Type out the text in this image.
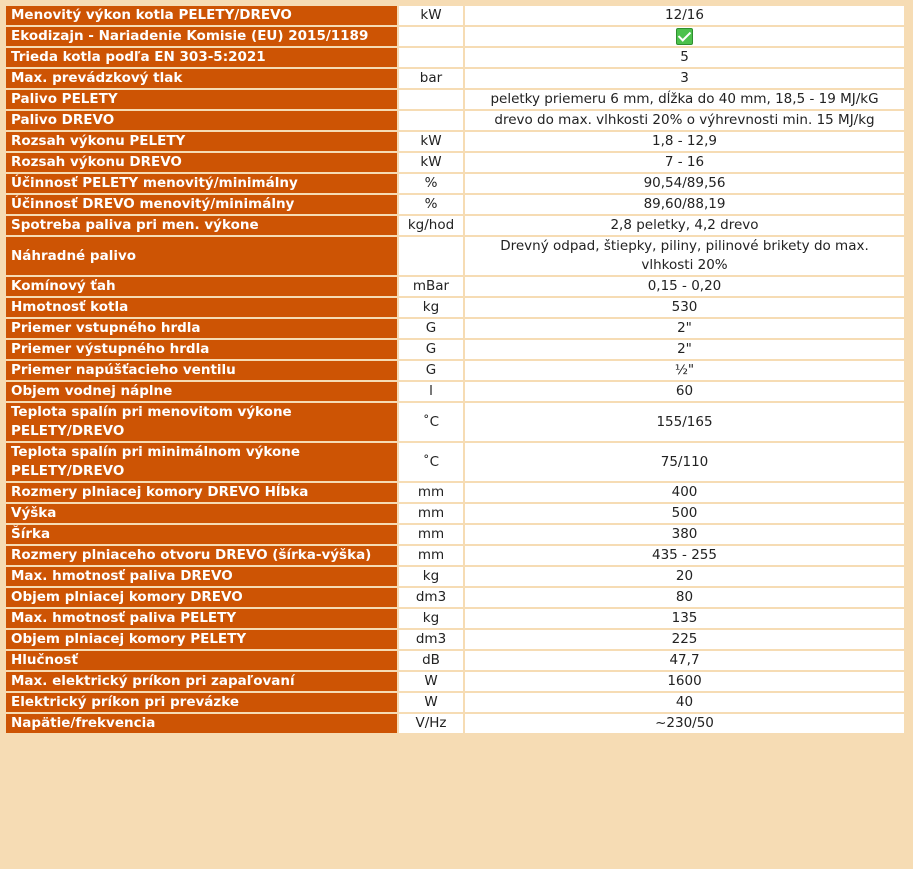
Menovitý výkon kotla PELETY/DREVO	kW	12/16
Ekodizajn - Nariadenie Komisie (EU) 2015/1189		
Trieda kotla podľa EN 303-5:2021		5
Max. prevádzkový tlak	bar	3
Palivo PELETY		peletky priemeru 6 mm, dĺžka do 40 mm, 18,5 - 19 MJ/kG
Palivo DREVO		drevo do max. vlhkosti 20% o výhrevnosti min. 15 MJ/kg
Rozsah výkonu PELETY	kW	1,8 - 12,9
Rozsah výkonu DREVO	kW	7 - 16
Účinnosť PELETY menovitý/minimálny	%	90,54/89,56
Účinnosť DREVO menovitý/minimálny	%	89,60/88,19
Spotreba paliva pri men. výkone	kg/hod	2,8 peletky, 4,2 drevo
Náhradné palivo		Drevný odpad, štiepky, piliny, pilinové brikety do max. vlhkosti 20%
Komínový ťah	mBar	0,15 - 0,20
Hmotnosť kotla	kg	530
Priemer vstupného hrdla	G	2"
Priemer výstupného hrdla	G	2"
Priemer napúšťacieho ventilu	G	½"
Objem vodnej náplne	l	60
Teplota spalín pri menovitom výkone PELETY/DREVO	˚C	155/165
Teplota spalín pri minimálnom výkone PELETY/DREVO	˚C	75/110
Rozmery plniacej komory DREVO Hĺbka	mm	400
Výška	mm	500
Šírka	mm	380
Rozmery plniaceho otvoru DREVO (šírka-výška)	mm	435 - 255
Max. hmotnosť paliva DREVO	kg	20
Objem plniacej komory DREVO	dm3	80
Max. hmotnosť paliva PELETY	kg	135
Objem plniacej komory PELETY	dm3	225
Hlučnosť	dB	47,7
Max. elektrický príkon pri zapaľovaní	W	1600
Elektrický príkon pri prevázke	W	40
Napätie/frekvencia	V/Hz	~230/50
